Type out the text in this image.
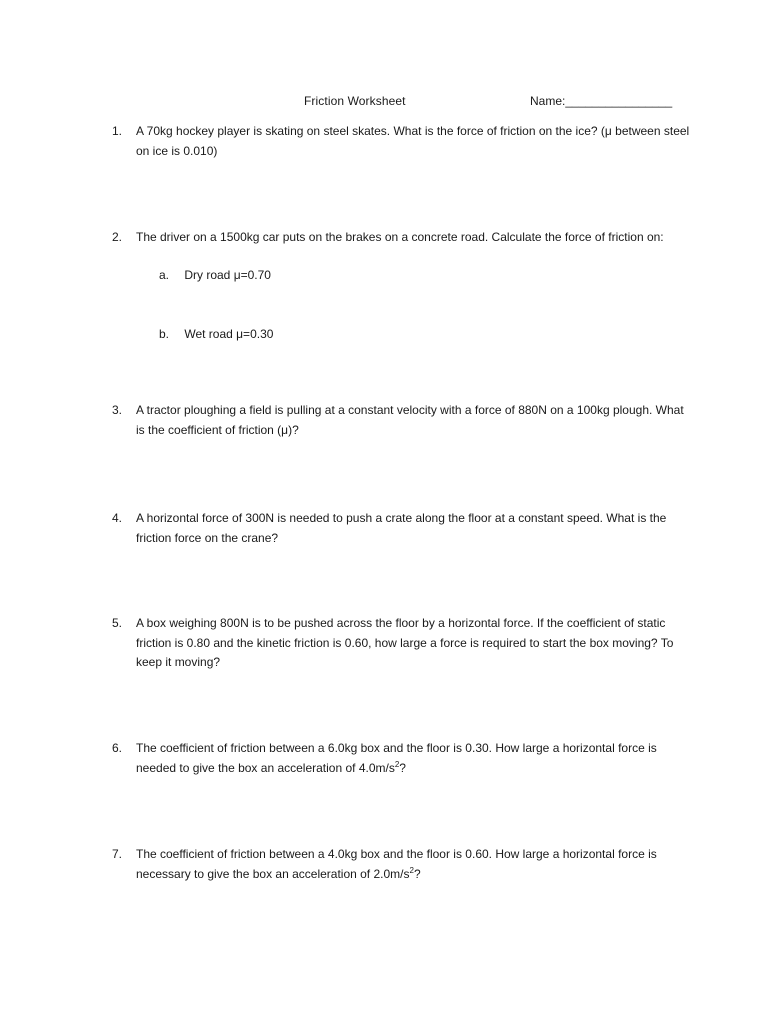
Friction Worksheet	Name:________________
1.	A 70kg hockey player is skating on steel skates. What is the force of friction on the ice? (μ between steel on ice is 0.010)
2.	The driver on a 1500kg car puts on the brakes on a concrete road. Calculate the force of friction on:
a. Dry road μ=0.70
b. Wet road μ=0.30
3.	A tractor ploughing a field is pulling at a constant velocity with a force of 880N on a 100kg plough. What is the coefficient of friction (μ)?
4.	A horizontal force of 300N is needed to push a crate along the floor at a constant speed. What is the friction force on the crane?
5.	A box weighing 800N is to be pushed across the floor by a horizontal force. If the coefficient of static friction is 0.80 and the kinetic friction is 0.60, how large a force is required to start the box moving? To keep it moving?
6.	The coefficient of friction between a 6.0kg box and the floor is 0.30. How large a horizontal force is needed to give the box an acceleration of $4.0m/s^2$?
7.	The coefficient of friction between a 4.0kg box and the floor is 0.60. How large a horizontal force is necessary to give the box an acceleration of $2.0m/s^2$?
